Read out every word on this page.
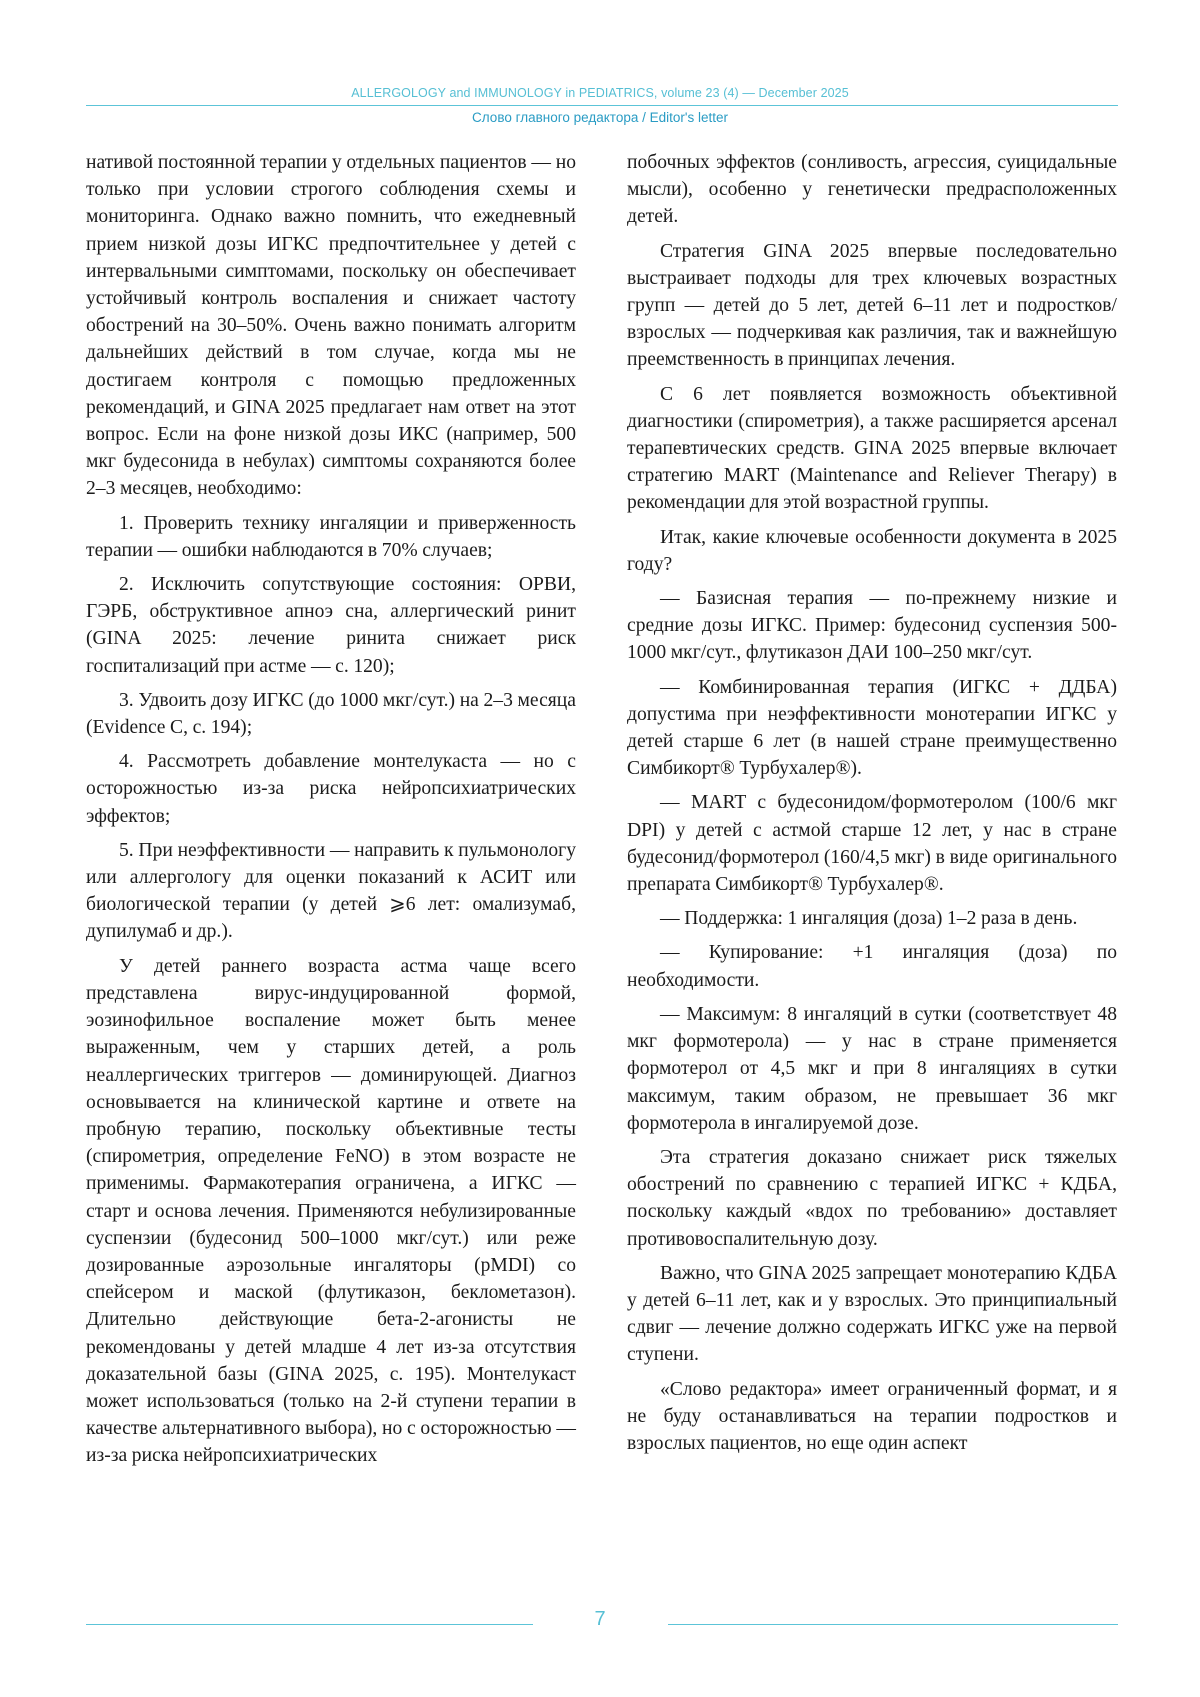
ALLERGOLOGY and IMMUNOLOGY in PEDIATRICS, volume 23 (4) — December 2025
Слово главного редактора / Editor's letter

нативой постоянной терапии у отдельных пациентов — но только при условии строгого соблюдения схемы и мониторинга. Однако важно помнить, что ежедневный прием низкой дозы ИГКС предпочтительнее у детей с интервальными симптомами, поскольку он обеспечивает устойчивый контроль воспаления и снижает частоту обострений на 30–50%. Очень важно понимать алгоритм дальнейших действий в том случае, когда мы не достигаем контроля с помощью предложенных рекомендаций, и GINA 2025 предлагает нам ответ на этот вопрос. Если на фоне низкой дозы ИКС (например, 500 мкг будесонида в небулах) симптомы сохраняются более 2–3 месяцев, необходимо:

1. Проверить технику ингаляции и приверженность терапии — ошибки наблюдаются в 70% случаев;

2. Исключить сопутствующие состояния: ОРВИ, ГЭРБ, обструктивное апноэ сна, аллергический ринит (GINA 2025: лечение ринита снижает риск госпитализаций при астме — с. 120);

3. Удвоить дозу ИГКС (до 1000 мкг/сут.) на 2–3 месяца (Evidence C, с. 194);

4. Рассмотреть добавление монтелукаста — но с осторожностью из-за риска нейропсихиатрических эффектов;

5. При неэффективности — направить к пульмонологу или аллергологу для оценки показаний к АСИТ или биологической терапии (у детей ⩾6 лет: омализумаб, дупилумаб и др.).

У детей раннего возраста астма чаще всего представлена вирус-индуцированной формой, эозинофильное воспаление может быть менее выраженным, чем у старших детей, а роль неаллергических триггеров — доминирующей. Диагноз основывается на клинической картине и ответе на пробную терапию, поскольку объективные тесты (спирометрия, определение FeNO) в этом возрасте не применимы. Фармакотерапия ограничена, а ИГКС — старт и основа лечения. Применяются небулизированные суспензии (будесонид 500–1000 мкг/сут.) или реже дозированные аэрозольные ингаляторы (pMDI) со спейсером и маской (флутиказон, беклометазон). Длительно действующие бета-2-агонисты не рекомендованы у детей младше 4 лет из-за отсутствия доказательной базы (GINA 2025, с. 195). Монтелукаст может использоваться (только на 2-й ступени терапии в качестве альтернативного выбора), но с осторожностью — из-за риска нейропсихиатрических

побочных эффектов (сонливость, агрессия, суицидальные мысли), особенно у генетически предрасположенных детей.

Стратегия GINA 2025 впервые последовательно выстраивает подходы для трех ключевых возрастных групп — детей до 5 лет, детей 6–11 лет и подростков/взрослых — подчеркивая как различия, так и важнейшую преемственность в принципах лечения.

С 6 лет появляется возможность объективной диагностики (спирометрия), а также расширяется арсенал терапевтических средств. GINA 2025 впервые включает стратегию MART (Maintenance and Reliever Therapy) в рекомендации для этой возрастной группы.

Итак, какие ключевые особенности документа в 2025 году?

— Базисная терапия — по-прежнему низкие и средние дозы ИГКС. Пример: будесонид суспензия 500-1000 мкг/сут., флутиказон ДАИ 100–250 мкг/сут.

— Комбинированная терапия (ИГКС + ДДБА) допустима при неэффективности монотерапии ИГКС у детей старше 6 лет (в нашей стране преимущественно Симбикорт® Турбухалер®).

— MART с будесонидом/формотеролом (100/6 мкг DPI) у детей с астмой старше 12 лет, у нас в стране будесонид/формотерол (160/4,5 мкг) в виде оригинального препарата Симбикорт® Турбухалер®.

— Поддержка: 1 ингаляция (доза) 1–2 раза в день.

— Купирование: +1 ингаляция (доза) по необходимости.

— Максимум: 8 ингаляций в сутки (соответствует 48 мкг формотерола) — у нас в стране применяется формотерол от 4,5 мкг и при 8 ингаляциях в сутки максимум, таким образом, не превышает 36 мкг формотерола в ингалируемой дозе.

Эта стратегия доказано снижает риск тяжелых обострений по сравнению с терапией ИГКС + КДБА, поскольку каждый «вдох по требованию» доставляет противовоспалительную дозу.

Важно, что GINA 2025 запрещает монотерапию КДБА у детей 6–11 лет, как и у взрослых. Это принципиальный сдвиг — лечение должно содержать ИГКС уже на первой ступени.

«Слово редактора» имеет ограниченный формат, и я не буду останавливаться на терапии подростков и взрослых пациентов, но еще один аспект

7
